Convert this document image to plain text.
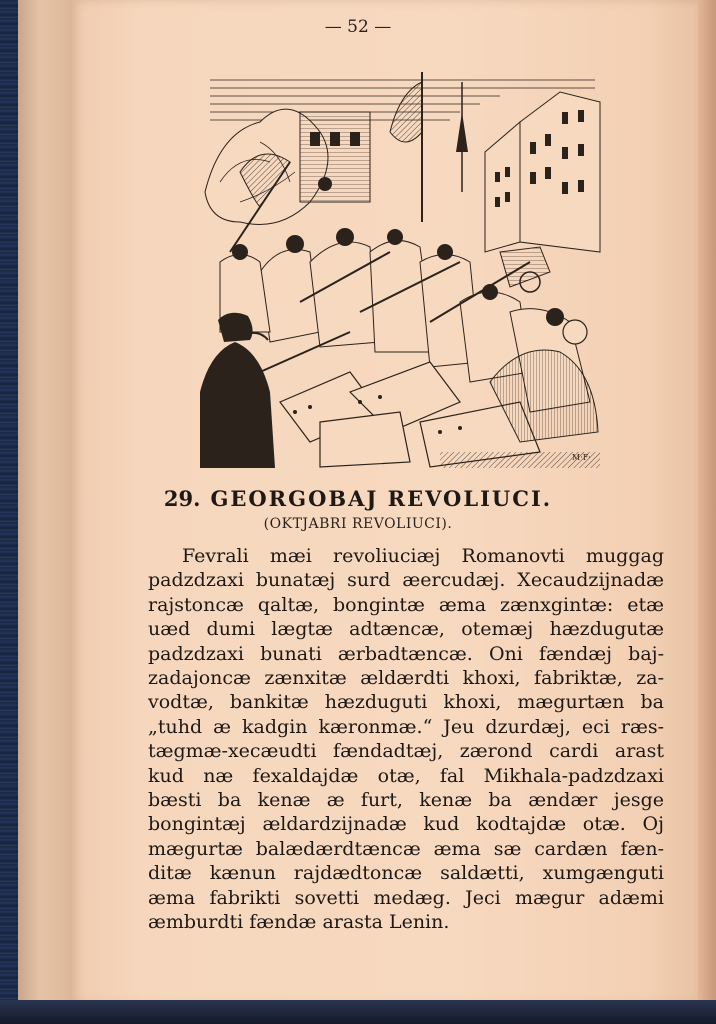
— 52 —
M·F·
29. GEORGOBAJ REVOLIUCI.
(OKTJABRI REVOLIUCI).
Fevrali mæi revoliuciæj Romanovti muggag
padzdzaxi bunatæj surd æercudæj. Xecaudzijnadæ
rajstoncæ qaltæ, bongintæ æma zænxgintæ: etæ
uæd dumi lægtæ adtæncæ, otemæj hæzdugutæ
padzdzaxi bunati ærbadtæncæ. Oni fændæj baj-
zadajoncæ zænxitæ ældærdti khoxi, fabriktæ, za-
vodtæ, bankitæ hæzduguti khoxi, mægurtæn ba
„tuhd æ kadgin kæronmæ.“ Jeu dzurdæj, eci ræs-
tægmæ-xecæudti fændadtæj, zærond cardi arast
kud næ fexaldajdæ otæ, fal Mikhala-padzdzaxi
bæsti ba kenæ æ furt, kenæ ba ændær jesge
bongintæj ældardzijnadæ kud kodtajdæ otæ. Oj
mægurtæ balædærdtæncæ æma sæ cardæn fæn-
ditæ kænun rajdædtoncæ saldætti, xumgænguti
æma fabrikti sovetti medæg. Jeci mægur adæmi
æmburdti fændæ arasta Lenin.
